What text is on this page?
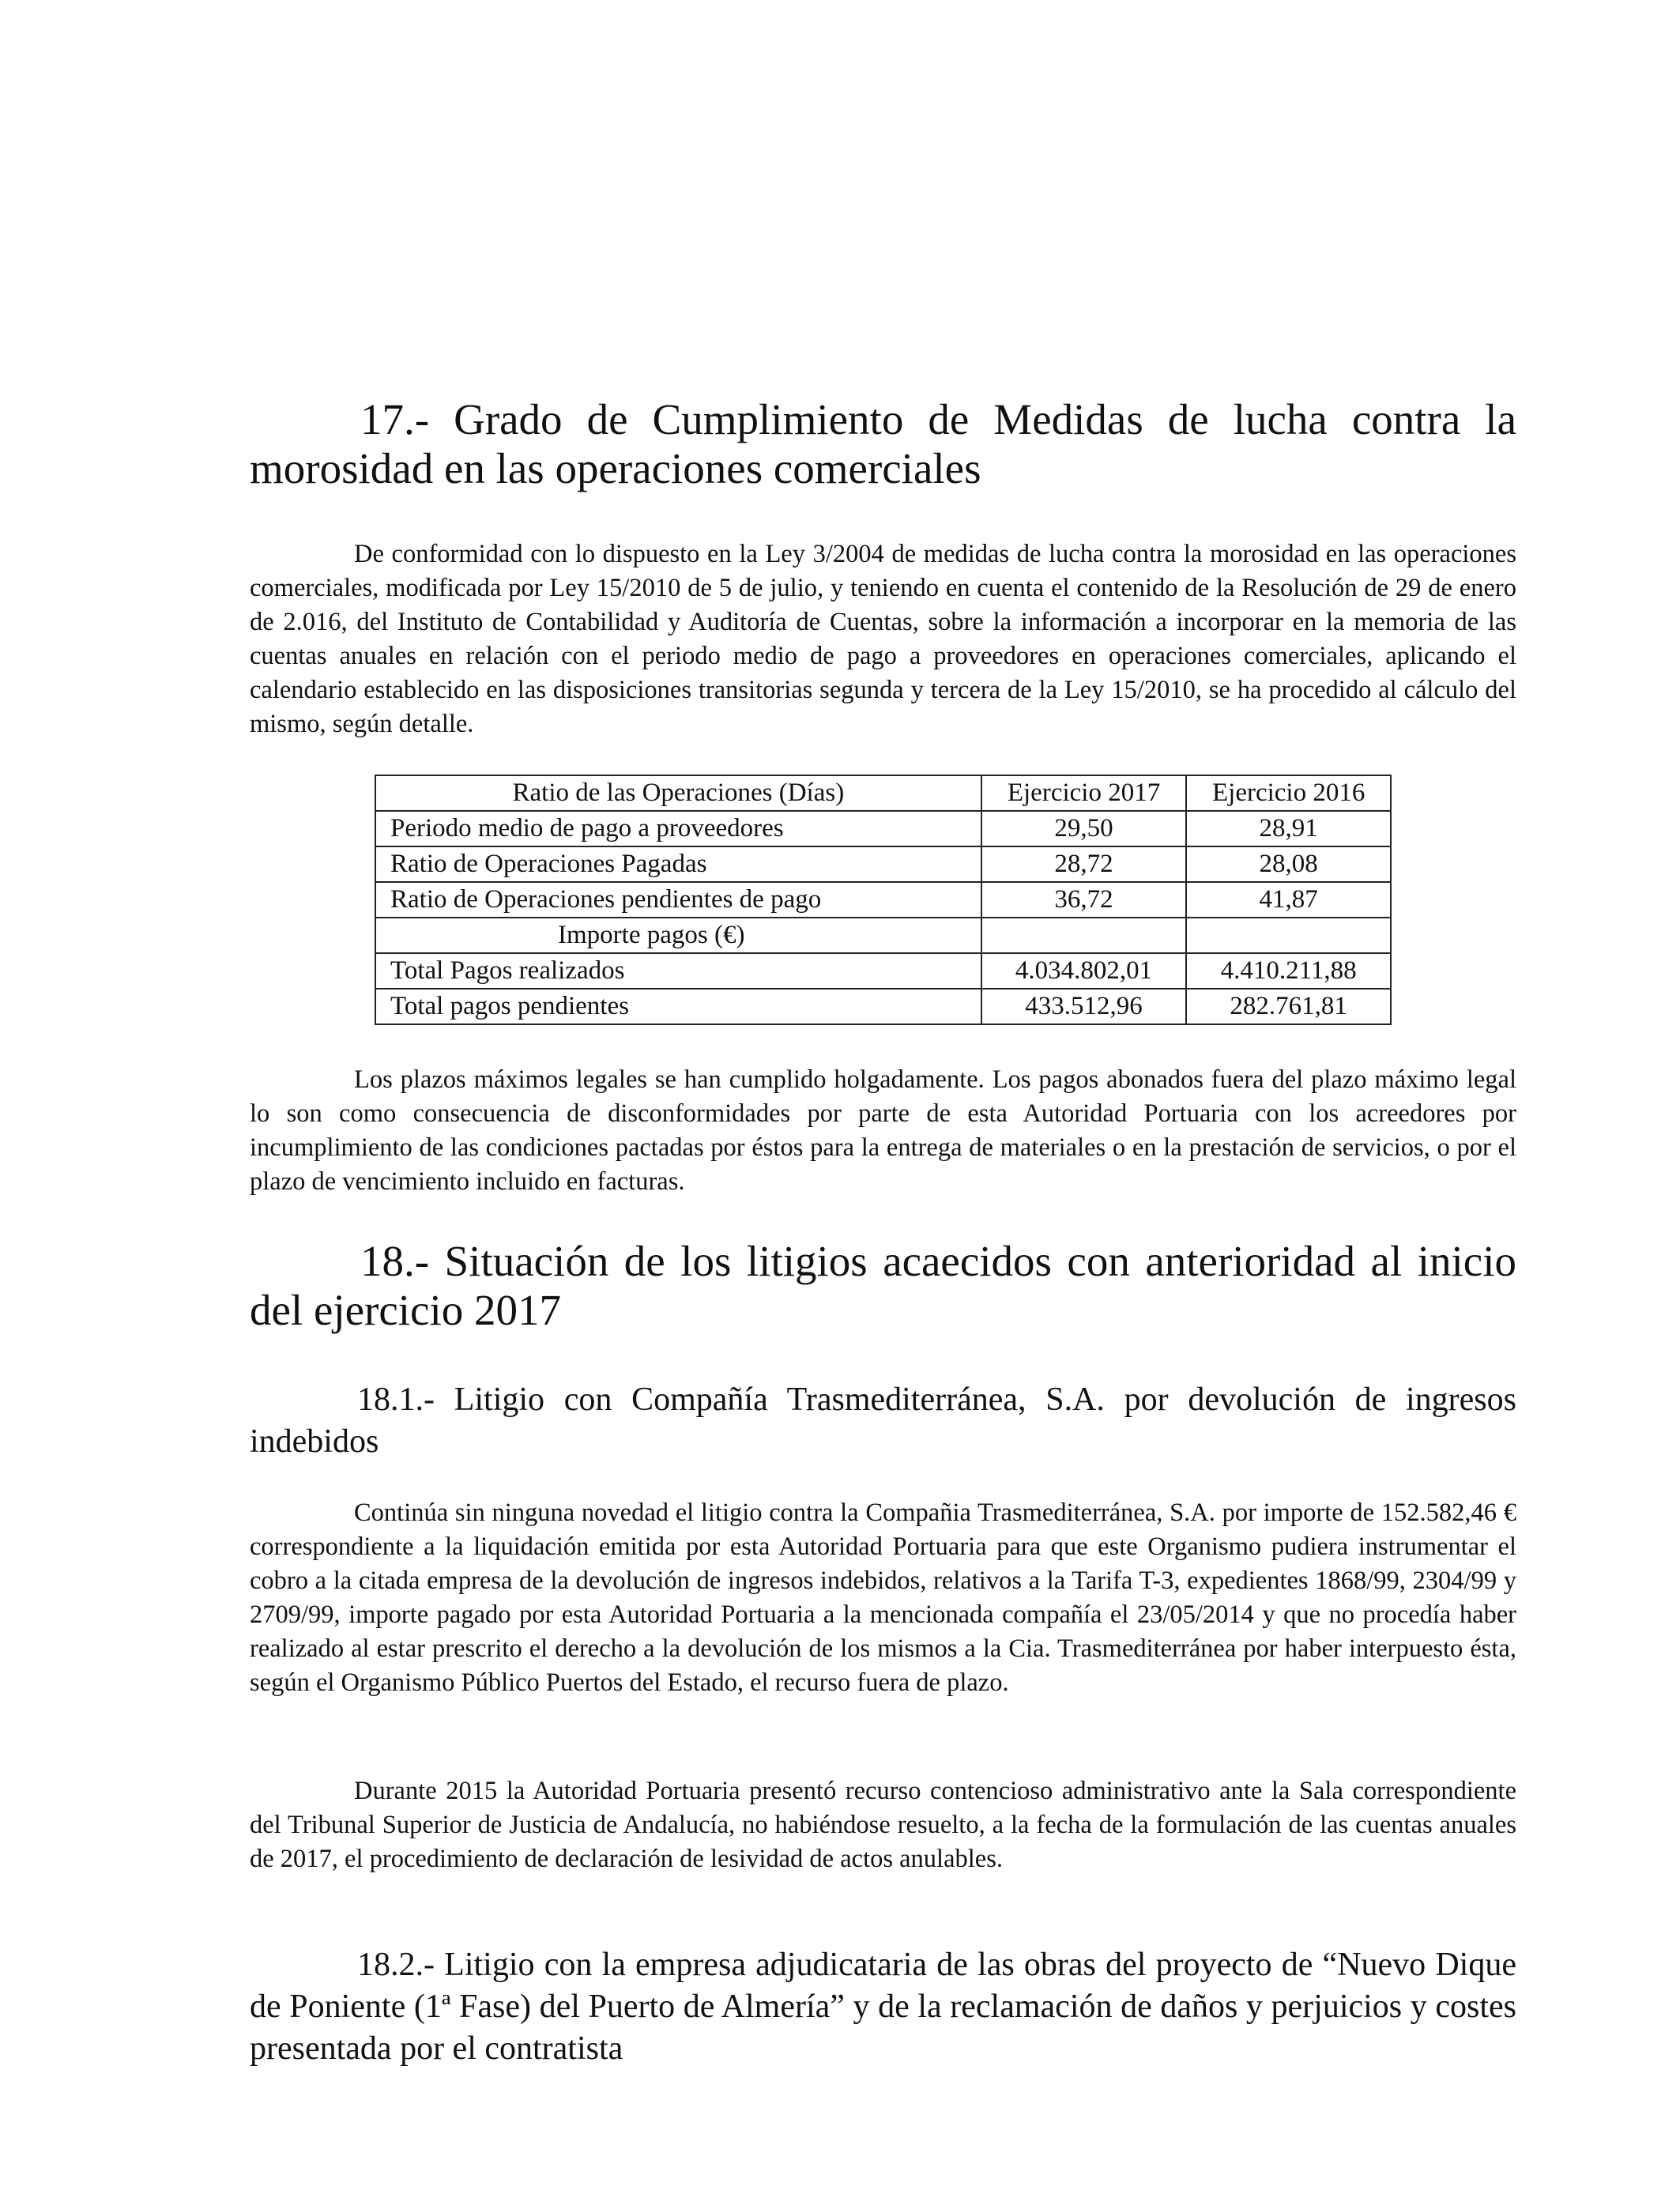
17.- Grado de Cumplimiento de Medidas de lucha contra la morosidad en las operaciones comerciales

De conformidad con lo dispuesto en la Ley 3/2004 de medidas de lucha contra la morosidad en las operaciones comerciales, modificada por Ley 15/2010 de 5 de julio, y teniendo en cuenta el contenido de la Resolución de 29 de enero de 2.016, del Instituto de Contabilidad y Auditoría de Cuentas, sobre la información a incorporar en la memoria de las cuentas anuales en relación con el periodo medio de pago a proveedores en operaciones comerciales, aplicando el calendario establecido en las disposiciones transitorias segunda y tercera de la Ley 15/2010, se ha procedido al cálculo del mismo, según detalle.

Ratio de las Operaciones (Días)	Ejercicio 2017	Ejercicio 2016
Periodo medio de pago a proveedores	29,50	28,91
Ratio de Operaciones Pagadas	28,72	28,08
Ratio de Operaciones pendientes de pago	36,72	41,87
Importe pagos (€)		
Total Pagos realizados	4.034.802,01	4.410.211,88
Total pagos pendientes	433.512,96	282.761,81

Los plazos máximos legales se han cumplido holgadamente. Los pagos abonados fuera del plazo máximo legal lo son como consecuencia de disconformidades por parte de esta Autoridad Portuaria con los acreedores por incumplimiento de las condiciones pactadas por éstos para la entrega de materiales o en la prestación de servicios, o por el plazo de vencimiento incluido en facturas.

18.- Situación de los litigios acaecidos con anterioridad al inicio del ejercicio 2017
18.1.- Litigio con Compañía Trasmediterránea, S.A. por devolución de ingresos indebidos

Continúa sin ninguna novedad el litigio contra la Compañia Trasmediterránea, S.A. por importe de 152.582,46 € correspondiente a la liquidación emitida por esta Autoridad Portuaria para que este Organismo pudiera instrumentar el cobro a la citada empresa de la devolución de ingresos indebidos, relativos a la Tarifa T-3, expedientes 1868/99, 2304/99 y 2709/99, importe pagado por esta Autoridad Portuaria a la mencionada compañía el 23/05/2014 y que no procedía haber realizado al estar prescrito el derecho a la devolución de los mismos a la Cia. Trasmediterránea por haber interpuesto ésta, según el Organismo Público Puertos del Estado, el recurso fuera de plazo.

Durante 2015 la Autoridad Portuaria presentó recurso contencioso administrativo ante la Sala correspondiente del Tribunal Superior de Justicia de Andalucía, no habiéndose resuelto, a la fecha de la formulación de las cuentas anuales de 2017, el procedimiento de declaración de lesividad de actos anulables.

18.2.- Litigio con la empresa adjudicataria de las obras del proyecto de “Nuevo Dique de Poniente (1ª Fase) del Puerto de Almería” y de la reclamación de daños y perjuicios y costes presentada por el contratista
